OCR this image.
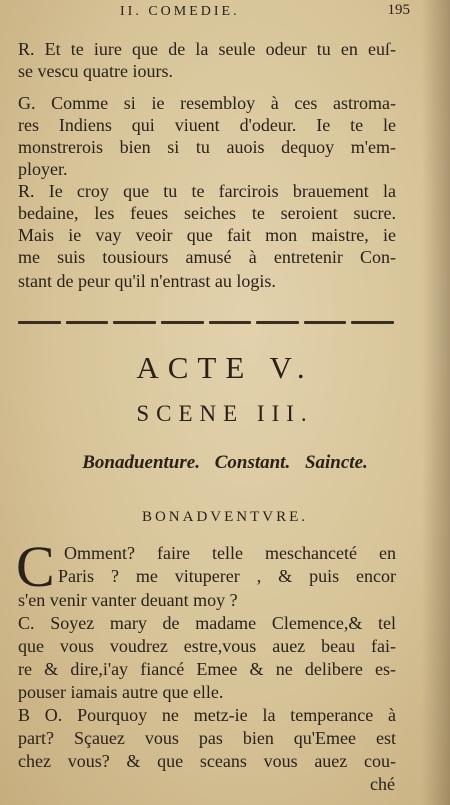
II. COMEDIE.	195

R. Et te iure que de la seule odeur tu en euſ-

se vescu quatre iours.

G. Comme si ie resembloy à ces astroma-

res Indiens qui viuent d'odeur. Ie te le

monstrerois bien si tu auois dequoy m'em-

ployer.

R. Ie croy que tu te farcirois brauement la

bedaine, les feues seiches te seroient sucre.

Mais ie vay veoir que fait mon maistre, ie

me suis tousiours amusé à entretenir Con-

stant de peur qu'il n'entrast au logis.

ACTE V.
SCENE III.
Bonaduenture. Constant. Saincte.
BONADVENTVRE.
C Omment? faire telle meschanceté en

Paris ? me vituperer , & puis encor

s'en venir vanter deuant moy ?

C. Soyez mary de madame Clemence,& tel

que vous voudrez estre,vous auez beau fai-

re & dire,i'ay fiancé Emee & ne delibere es-

pouser iamais autre que elle.

B O. Pourquoy ne metz-ie la temperance à

part? Sçauez vous pas bien qu'Emee est

chez vous? & que sceans vous auez cou-

ché
